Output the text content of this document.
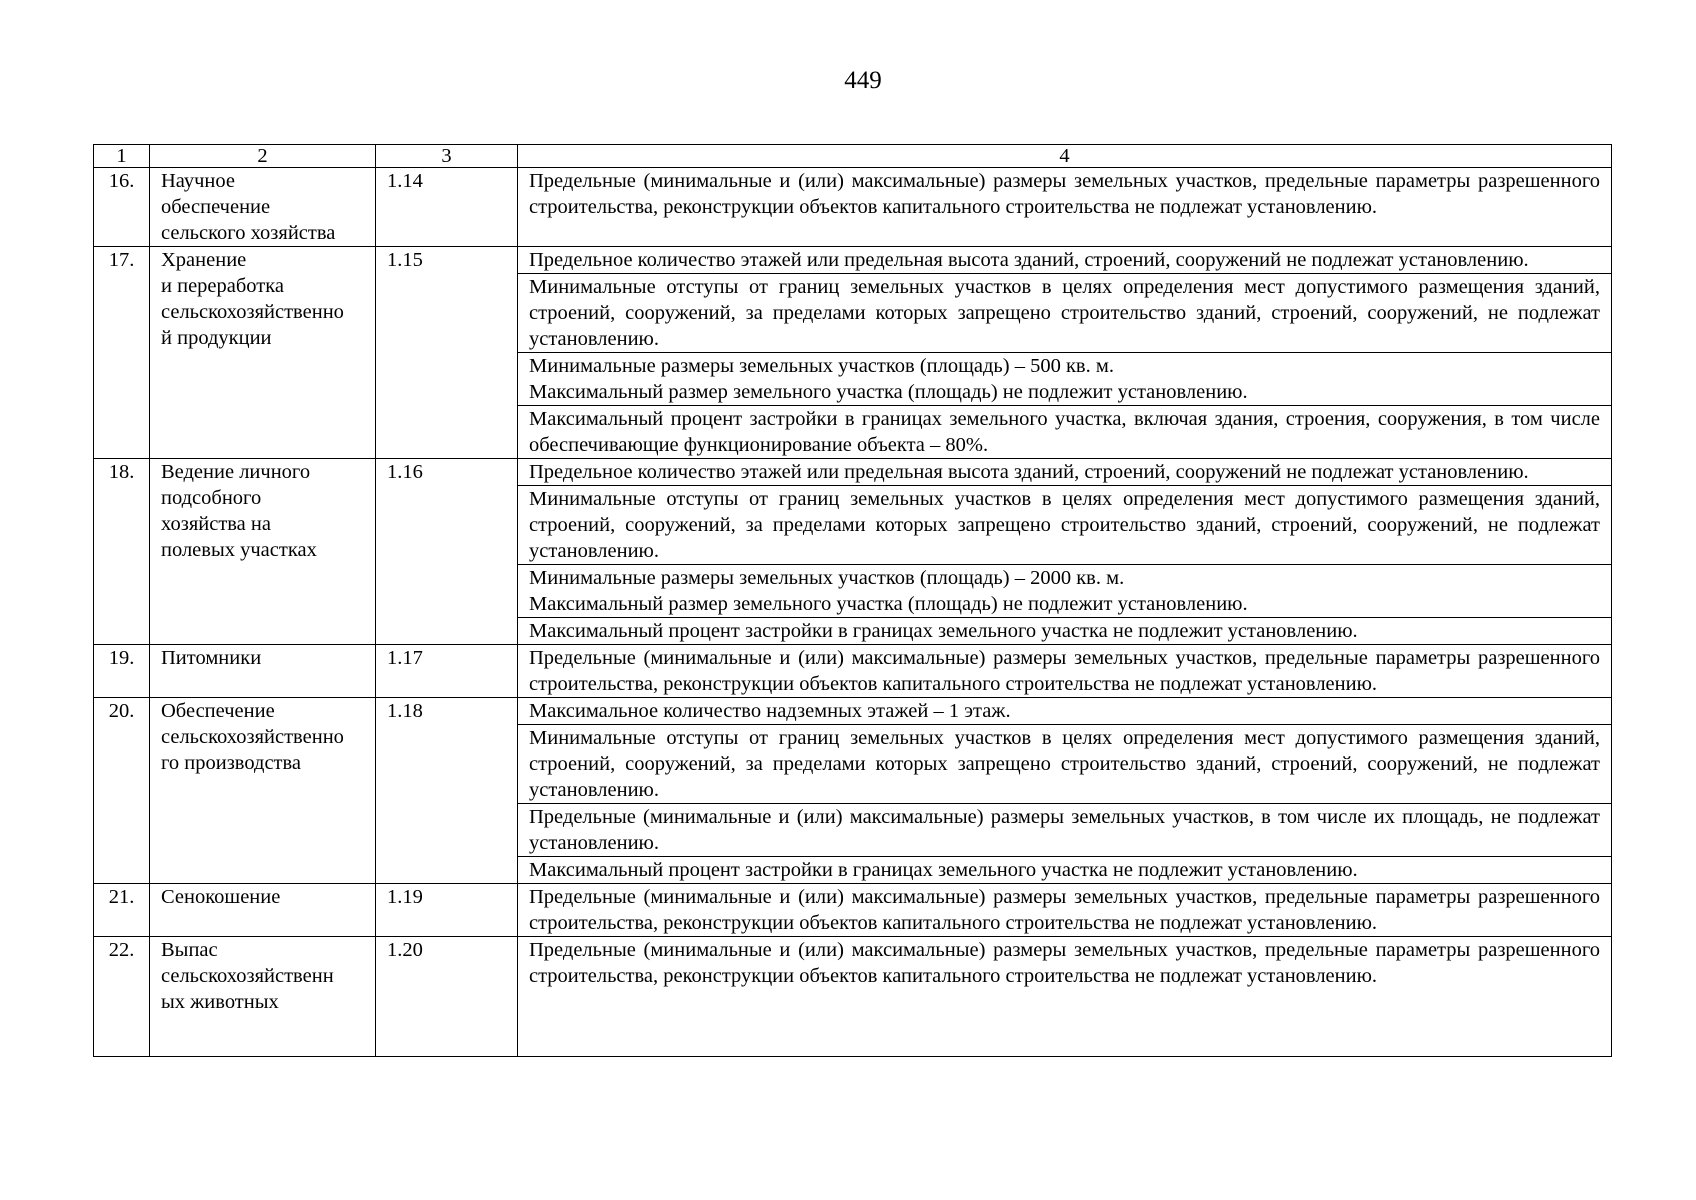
449
1	2	3	4
16.	Научное
обеспечение
сельского хозяйства	1.14	Предельные (минимальные и (или) максимальные) размеры земельных участков, предельные параметры разрешенного строительства, реконструкции объектов капитального строительства не подлежат установлению.
17.	Хранение
и переработка
сельскохозяйственно
й продукции	1.15	Предельное количество этажей или предельная высота зданий, строений, сооружений не подлежат установлению.
			Минимальные отступы от границ земельных участков в целях определения мест допустимого размещения зданий, строений, сооружений, за пределами которых запрещено строительство зданий, строений, сооружений, не подлежат установлению.

			Минимальные размеры земельных участков (площадь) – 500 кв. м.
Максимальный размер земельного участка (площадь) не подлежит установлению.

			Максимальный процент застройки в границах земельного участка, включая здания, строения, сооружения, в том числе обеспечивающие функционирование объекта – 80%.
18.	Ведение личного
подсобного
хозяйства на
полевых участках	1.16	Предельное количество этажей или предельная высота зданий, строений, сооружений не подлежат установлению.
			Минимальные отступы от границ земельных участков в целях определения мест допустимого размещения зданий, строений, сооружений, за пределами которых запрещено строительство зданий, строений, сооружений, не подлежат установлению.

			Минимальные размеры земельных участков (площадь) – 2000 кв. м.
Максимальный размер земельного участка (площадь) не подлежит установлению.

			Максимальный процент застройки в границах земельного участка не подлежит установлению.
19.	Питомники	1.17	Предельные (минимальные и (или) максимальные) размеры земельных участков, предельные параметры разрешенного строительства, реконструкции объектов капитального строительства не подлежат установлению.
20.	Обеспечение
сельскохозяйственно
го производства	1.18	Максимальное количество надземных этажей – 1 этаж.
			Минимальные отступы от границ земельных участков в целях определения мест допустимого размещения зданий, строений, сооружений, за пределами которых запрещено строительство зданий, строений, сооружений, не подлежат установлению.
			Предельные (минимальные и (или) максимальные) размеры земельных участков, в том числе их площадь, не подлежат установлению.
			Максимальный процент застройки в границах земельного участка не подлежит установлению.
21.	Сенокошение	1.19	Предельные (минимальные и (или) максимальные) размеры земельных участков, предельные параметры разрешенного строительства, реконструкции объектов капитального строительства не подлежат установлению.
22.	Выпас
сельскохозяйственн
ых животных	1.20	Предельные (минимальные и (или) максимальные) размеры земельных участков, предельные параметры разрешенного строительства, реконструкции объектов капитального строительства не подлежат установлению.
